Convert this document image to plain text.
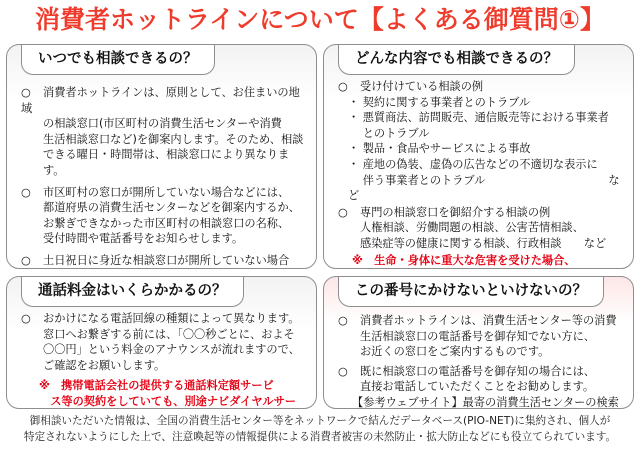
消費者ホットラインについて【よくある御質問①】
いつでも相談できるの？

○ 消費者ホットラインは、原則として、お住まいの地域

の相談窓口(市区町村の消費生活センターや消費

生活相談窓口など)を御案内します。そのため、相談

できる曜日・時間帯は、相談窓口により異なります。

○ 市区町村の窓口が開所していない場合などには、

都道府県の消費生活センターなどを御案内するか、

お繋ぎできなかった市区町村の相談窓口の名称、

受付時間や電話番号をお知らせします。

○ 土日祝日に身近な相談窓口が開所していない場合

どんな内容でも相談できるの？

○ 受け付けている相談の例

・ 契約に関する事業者とのトラブル

・ 悪質商法、訪問販売、通信販売等における事業者

　 とのトラブル

・ 製品・食品やサービスによる事故

・ 産地の偽装、虚偽の広告などの不適切な表示に

　 伴う事業者とのトラブル　　　　　　　　　　　など

○ 専門の相談窓口を御紹介する相談の例

人権相談、労働問題の相談、公害苦情相談、

感染症等の健康に関する相談、行政相談　　など

※　生命・身体に重大な危害を受けた場合、

通話料金はいくらかかるの？

○ おかけになる電話回線の種類によって異なります。

窓口へお繋ぎする前には、「〇〇秒ごとに、およそ

〇〇円」という料金のアナウンスが流れますので、

ご確認をお願いします。

※　携帯電話会社の提供する通話料定額サービ

　ス等の契約をしていても、別途ナビダイヤルサー

この番号にかけないといけないの？

○ 消費者ホットラインは、消費生活センター等の消費

生活相談窓口の電話番号を御存知でない方に、

お近くの窓口をご案内するものです。

○ 既に相談窓口の電話番号を御存知の場合には、

直接お電話していただくことをお勧めします。

【参考ウェブサイト】最寄の消費生活センターの検索

御相談いただいた情報は、全国の消費生活センター等をネットワークで結んだデータベース(PIO-NET)に集約され、個人が

特定されないようにした上で、注意喚起等の情報提供による消費者被害の未然防止・拡大防止などにも役立てられています。
